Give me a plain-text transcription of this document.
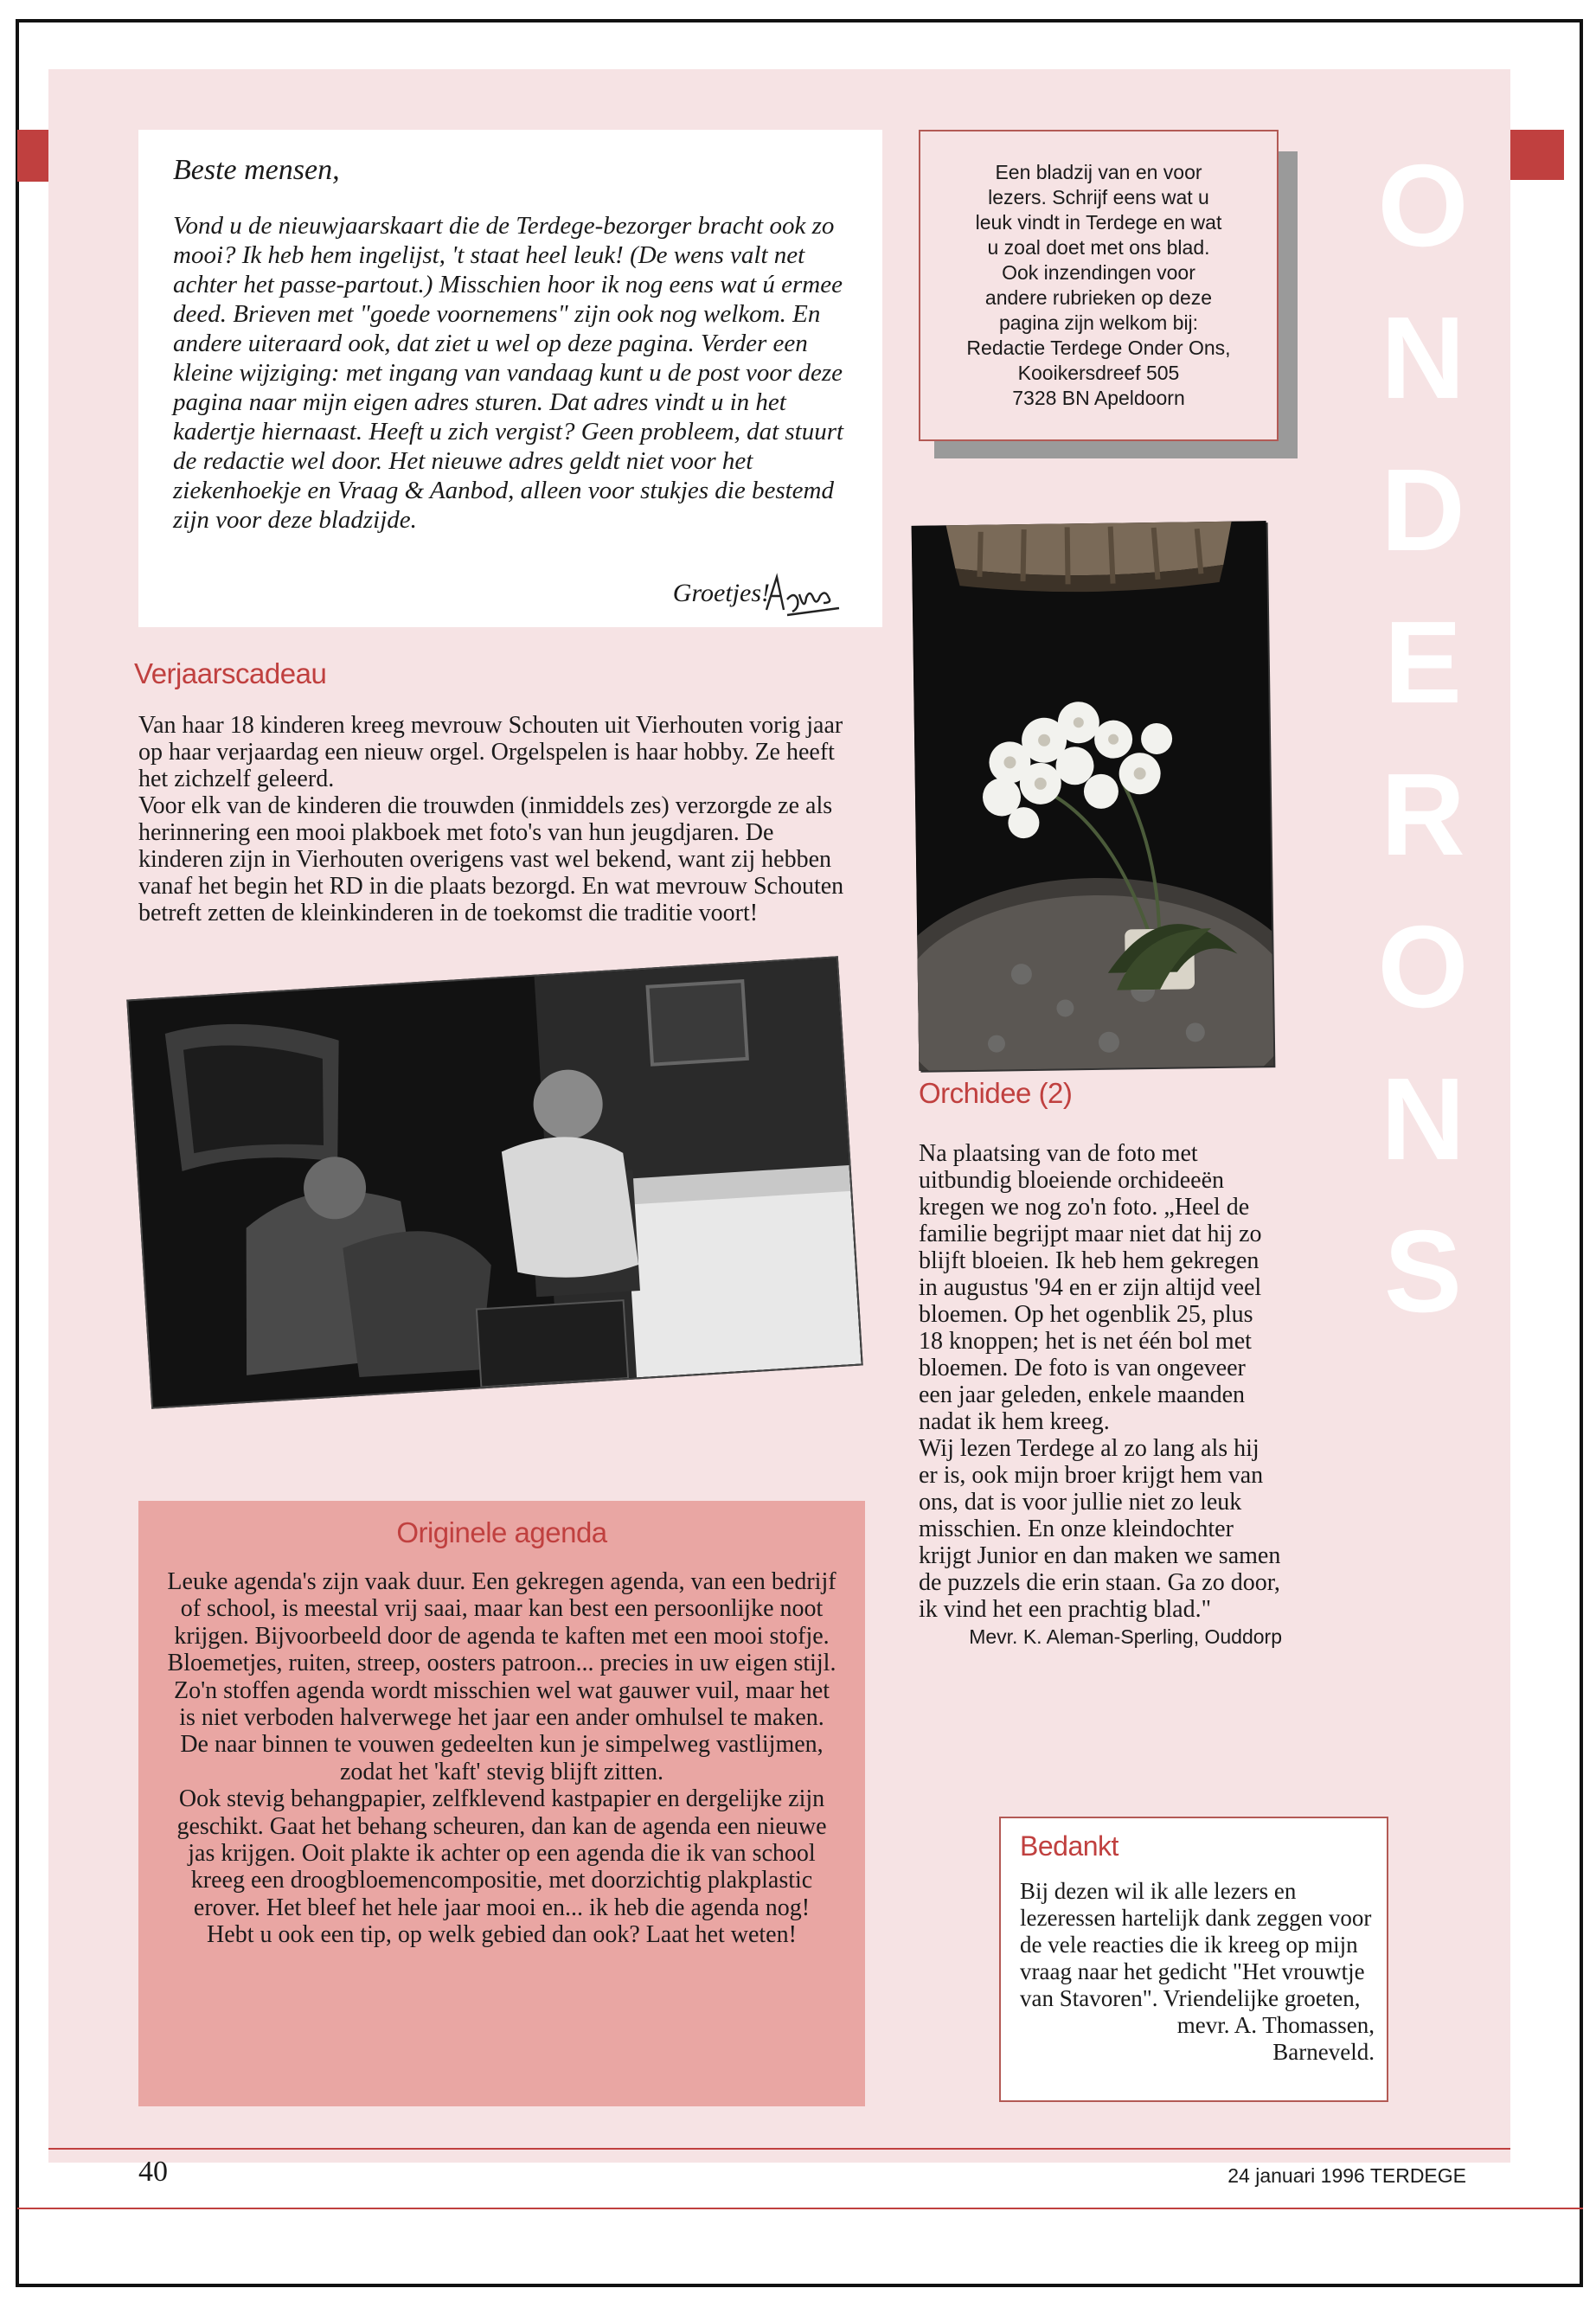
O
N
D
E
R
O
N
S

Beste mensen,

Vond u de nieuwjaarskaart die de Terdege-bezorger bracht ook zo mooi? Ik heb hem ingelijst, 't staat heel leuk! (De wens valt net achter het passe-partout.) Misschien hoor ik nog eens wat ú ermee deed. Brieven met "goede voornemens" zijn ook nog welkom. En andere uiteraard ook, dat ziet u wel op deze pagina. Verder een kleine wijziging: met ingang van vandaag kunt u de post voor deze pagina naar mijn eigen adres sturen. Dat adres vindt u in het kadertje hiernaast. Heeft u zich vergist? Geen probleem, dat stuurt de redactie wel door. Het nieuwe adres geldt niet voor het ziekenhoekje en Vraag & Aanbod, alleen voor stukjes die bestemd zijn voor deze bladzijde.

Groetjes!
Een bladzij van en voor
lezers. Schrijf eens wat u
leuk vindt in Terdege en wat
u zoal doet met ons blad.
Ook inzendingen voor
andere rubrieken op deze
pagina zijn welkom bij:
Redactie Terdege Onder Ons,
Kooikersdreef 505
7328 BN Apeldoorn
Verjaarscadeau

Van haar 18 kinderen kreeg mevrouw Schouten uit Vierhouten vorig jaar op haar verjaardag een nieuw orgel. Orgelspelen is haar hobby. Ze heeft het zichzelf geleerd.

Voor elk van de kinderen die trouwden (inmiddels zes) verzorgde ze als herinnering een mooi plakboek met foto's van hun jeugdjaren. De kinderen zijn in Vierhouten overigens vast wel bekend, want zij hebben vanaf het begin het RD in die plaats bezorgd. En wat mevrouw Schouten betreft zetten de kleinkinderen in de toekomst die traditie voort!

Orchidee (2)

Na plaatsing van de foto met uitbundig bloeiende orchideeën kregen we nog zo'n foto. „Heel de familie begrijpt maar niet dat hij zo blijft bloeien. Ik heb hem gekregen in augustus '94 en er zijn altijd veel bloemen. Op het ogenblik 25, plus 18 knoppen; het is net één bol met bloemen. De foto is van ongeveer een jaar geleden, enkele maanden nadat ik hem kreeg.

Wij lezen Terdege al zo lang als hij er is, ook mijn broer krijgt hem van ons, dat is voor jullie niet zo leuk misschien. En onze kleindochter krijgt Junior en dan maken we samen de puzzels die erin staan. Ga zo door, ik vind het een prachtig blad."

Mevr. K. Aleman-Sperling, Ouddorp

Originele agenda

Leuke agenda's zijn vaak duur. Een gekregen agenda, van een bedrijf of school, is meestal vrij saai, maar kan best een persoonlijke noot krijgen. Bijvoorbeeld door de agenda te kaften met een mooi stofje. Bloemetjes, ruiten, streep, oosters patroon... precies in uw eigen stijl. Zo'n stoffen agenda wordt misschien wel wat gauwer vuil, maar het is niet verboden halverwege het jaar een ander omhulsel te maken. De naar binnen te vouwen gedeelten kun je simpelweg vastlijmen, zodat het 'kaft' stevig blijft zitten.

Ook stevig behangpapier, zelfklevend kastpapier en dergelijke zijn geschikt. Gaat het behang scheuren, dan kan de agenda een nieuwe jas krijgen. Ooit plakte ik achter op een agenda die ik van school kreeg een droogbloemencompositie, met doorzichtig plakplastic erover. Het bleef het hele jaar mooi en... ik heb die agenda nog!

Hebt u ook een tip, op welk gebied dan ook? Laat het weten!

Bedankt

Bij dezen wil ik alle lezers en lezeressen hartelijk dank zeggen voor de vele reacties die ik kreeg op mijn vraag naar het gedicht "Het vrouwtje van Stavoren". Vriendelijke groeten,

mevr. A. Thomassen,

Barneveld.

40	24 januari 1996 TERDEGE
